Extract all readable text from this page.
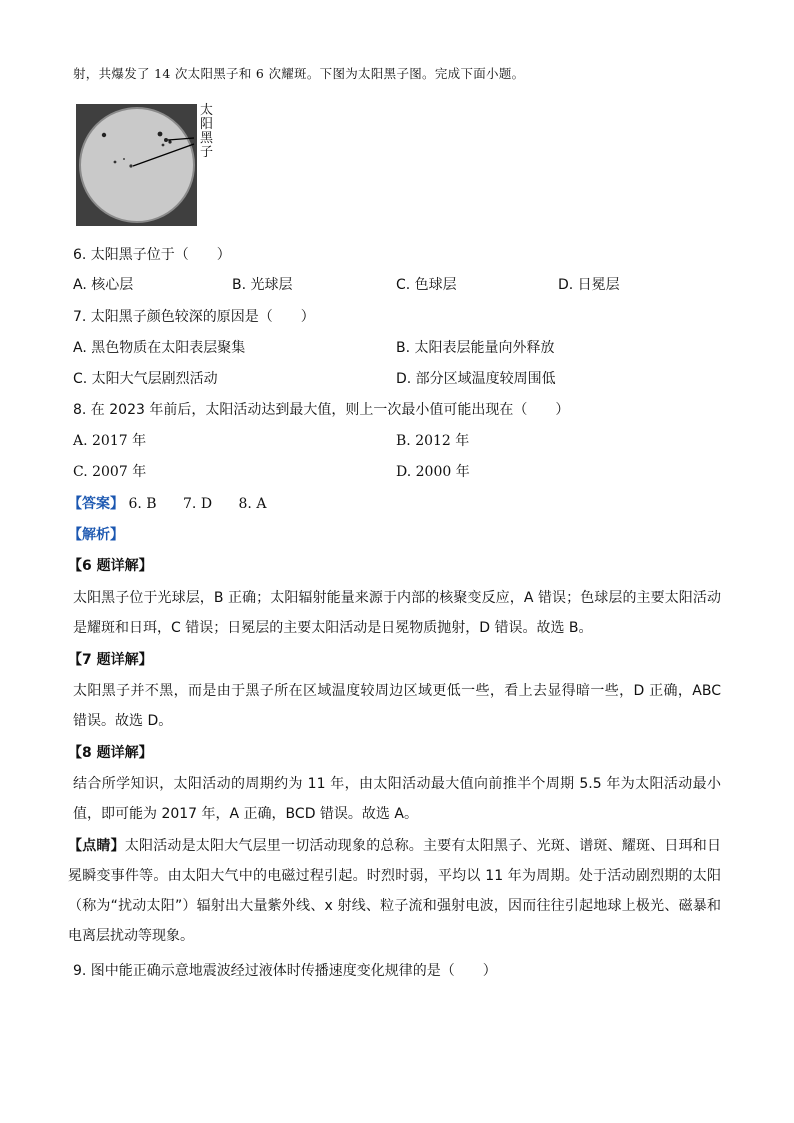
射，共爆发了 14 次太阳黑子和 6 次耀斑。下图为太阳黑子图。完成下面小题。
太阳黑子
6. 太阳黑子位于（　　）
A. 核心层	B. 光球层	C. 色球层	D. 日冕层
7. 太阳黑子颜色较深的原因是（　　）
A. 黑色物质在太阳表层聚集	B. 太阳表层能量向外释放
C. 太阳大气层剧烈活动	D. 部分区域温度较周围低
8. 在 2023 年前后，太阳活动达到最大值，则上一次最小值可能出现在（　　）
A. 2017 年	B. 2012 年
C. 2007 年	D. 2000 年
【答案】 6. B 7. D 8. A
【解析】
【6 题详解】
太阳黑子位于光球层，B 正确；太阳辐射能量来源于内部的核聚变反应，A 错误；色球层的主要太阳活动是耀斑和日珥，C 错误；日冕层的主要太阳活动是日冕物质抛射，D 错误。故选 B。
【7 题详解】
太阳黑子并不黑，而是由于黑子所在区域温度较周边区域更低一些，看上去显得暗一些，D 正确，ABC 错误。故选 D。
【8 题详解】
结合所学知识，太阳活动的周期约为 11 年，由太阳活动最大值向前推半个周期 5.5 年为太阳活动最小值，即可能为 2017 年，A 正确，BCD 错误。故选 A。
【点睛】太阳活动是太阳大气层里一切活动现象的总称。主要有太阳黑子、光斑、谱斑、耀斑、日珥和日冕瞬变事件等。由太阳大气中的电磁过程引起。时烈时弱，平均以 11 年为周期。处于活动剧烈期的太阳（称为“扰动太阳”）辐射出大量紫外线、x 射线、粒子流和强射电波，因而往往引起地球上极光、磁暴和电离层扰动等现象。
9. 图中能正确示意地震波经过液体时传播速度变化规律的是（　　）
